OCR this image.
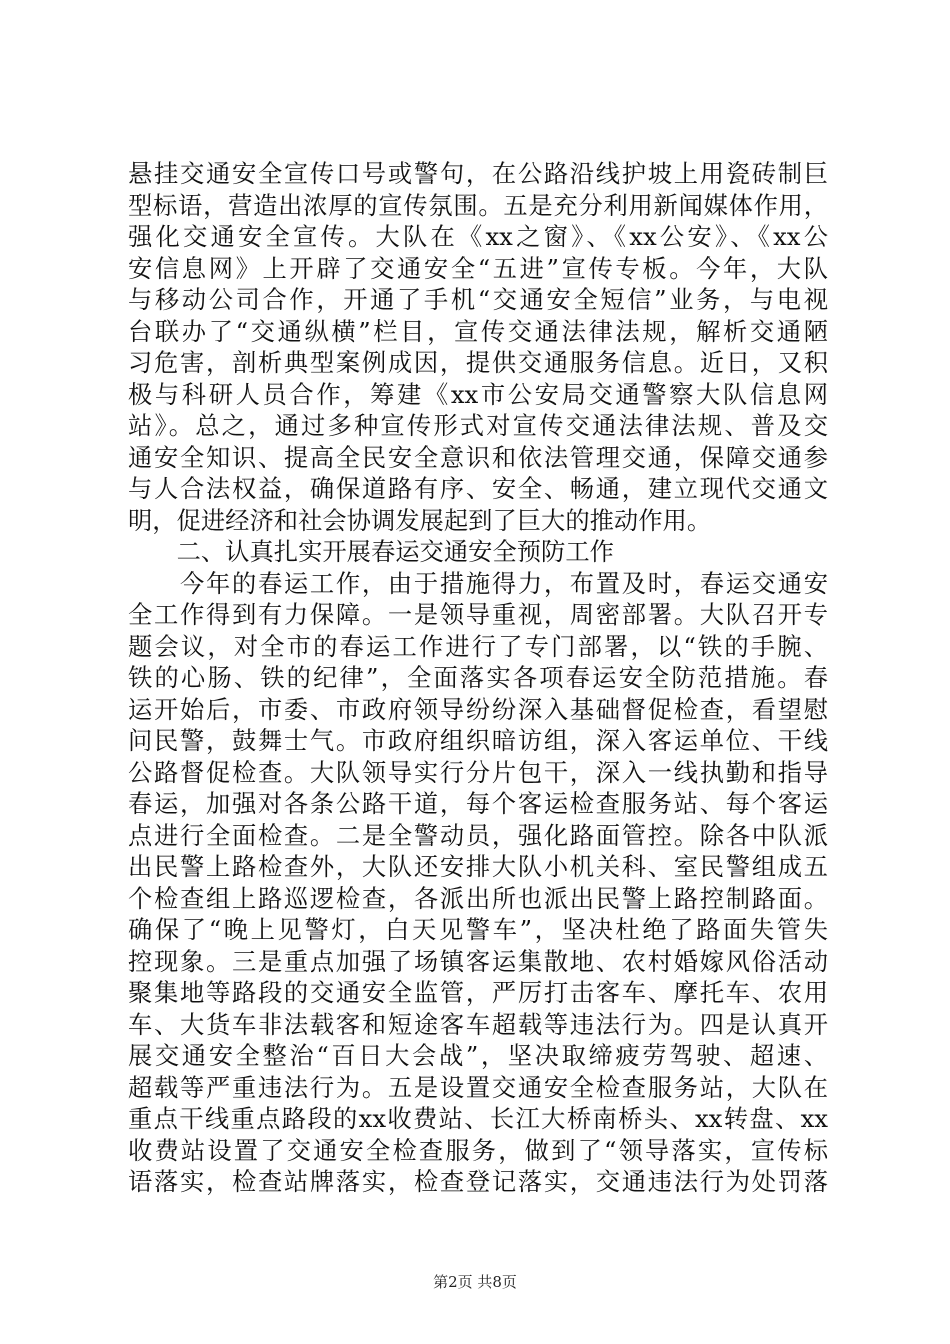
悬挂交通安全宣传口号或警句，在公路沿线护坡上用瓷砖制巨
型标语，营造出浓厚的宣传氛围。五是充分利用新闻媒体作用，
强化交通安全宣传。大队在《xx之窗》、《xx公安》、《xx公
安信息网》上开辟了交通安全“五进”宣传专板。今年，大队
与移动公司合作，开通了手机“交通安全短信”业务，与电视
台联办了“交通纵横”栏目，宣传交通法律法规，解析交通陋
习危害，剖析典型案例成因，提供交通服务信息。近日，又积
极与科研人员合作，筹建《xx市公安局交通警察大队信息网
站》。总之，通过多种宣传形式对宣传交通法律法规、普及交
通安全知识、提高全民安全意识和依法管理交通，保障交通参
与人合法权益，确保道路有序、安全、畅通，建立现代交通文
明，促进经济和社会协调发展起到了巨大的推动作用。
　　二、认真扎实开展春运交通安全预防工作
　　今年的春运工作，由于措施得力，布置及时，春运交通安
全工作得到有力保障。一是领导重视，周密部署。大队召开专
题会议，对全市的春运工作进行了专门部署，以“铁的手腕、
铁的心肠、铁的纪律”，全面落实各项春运安全防范措施。春
运开始后，市委、市政府领导纷纷深入基础督促检查，看望慰
问民警，鼓舞士气。市政府组织暗访组，深入客运单位、干线
公路督促检查。大队领导实行分片包干，深入一线执勤和指导
春运，加强对各条公路干道，每个客运检查服务站、每个客运
点进行全面检查。二是全警动员，强化路面管控。除各中队派
出民警上路检查外，大队还安排大队小机关科、室民警组成五
个检查组上路巡逻检查，各派出所也派出民警上路控制路面。
确保了“晚上见警灯，白天见警车”，坚决杜绝了路面失管失
控现象。三是重点加强了场镇客运集散地、农村婚嫁风俗活动
聚集地等路段的交通安全监管，严厉打击客车、摩托车、农用
车、大货车非法载客和短途客车超载等违法行为。四是认真开
展交通安全整治“百日大会战”，坚决取缔疲劳驾驶、超速、
超载等严重违法行为。五是设置交通安全检查服务站，大队在
重点干线重点路段的xx收费站、长江大桥南桥头、xx转盘、xx
收费站设置了交通安全检查服务，做到了“领导落实，宣传标
语落实，检查站牌落实，检查登记落实，交通违法行为处罚落
第2页 共8页
